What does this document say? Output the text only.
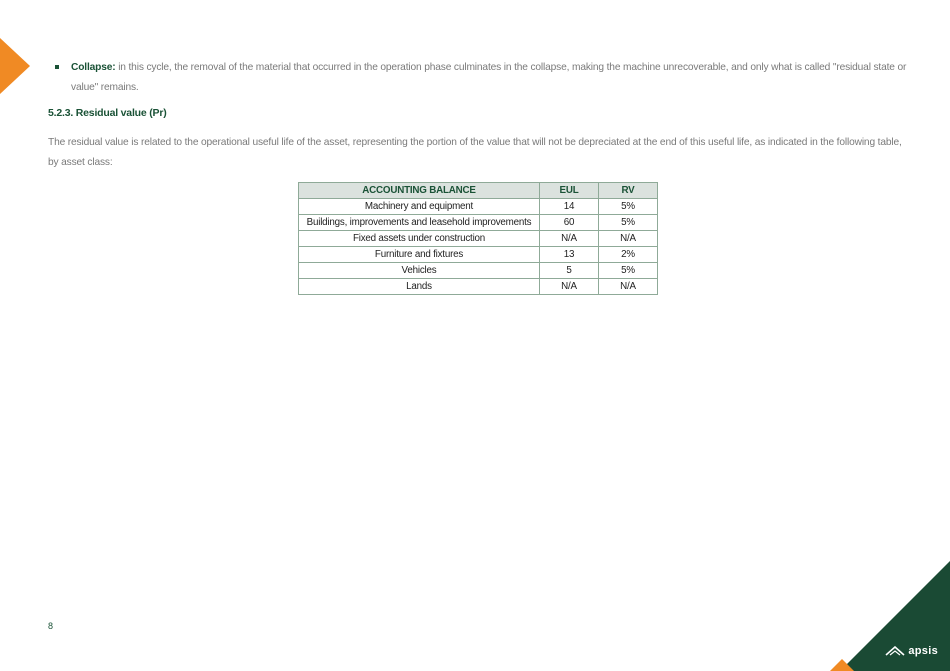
Collapse: in this cycle, the removal of the material that occurred in the operation phase culminates in the collapse, making the machine unrecoverable, and only what is called "residual state or value" remains.
5.2.3. Residual value (Pr)
The residual value is related to the operational useful life of the asset, representing the portion of the value that will not be depreciated at the end of this useful life, as indicated in the following table, by asset class:
ACCOUNTING BALANCE	EUL	RV
Machinery and equipment	14	5%
Buildings, improvements and leasehold improvements	60	5%
Fixed assets under construction	N/A	N/A
Furniture and fixtures	13	2%
Vehicles	5	5%
Lands	N/A	N/A
8
apsis
